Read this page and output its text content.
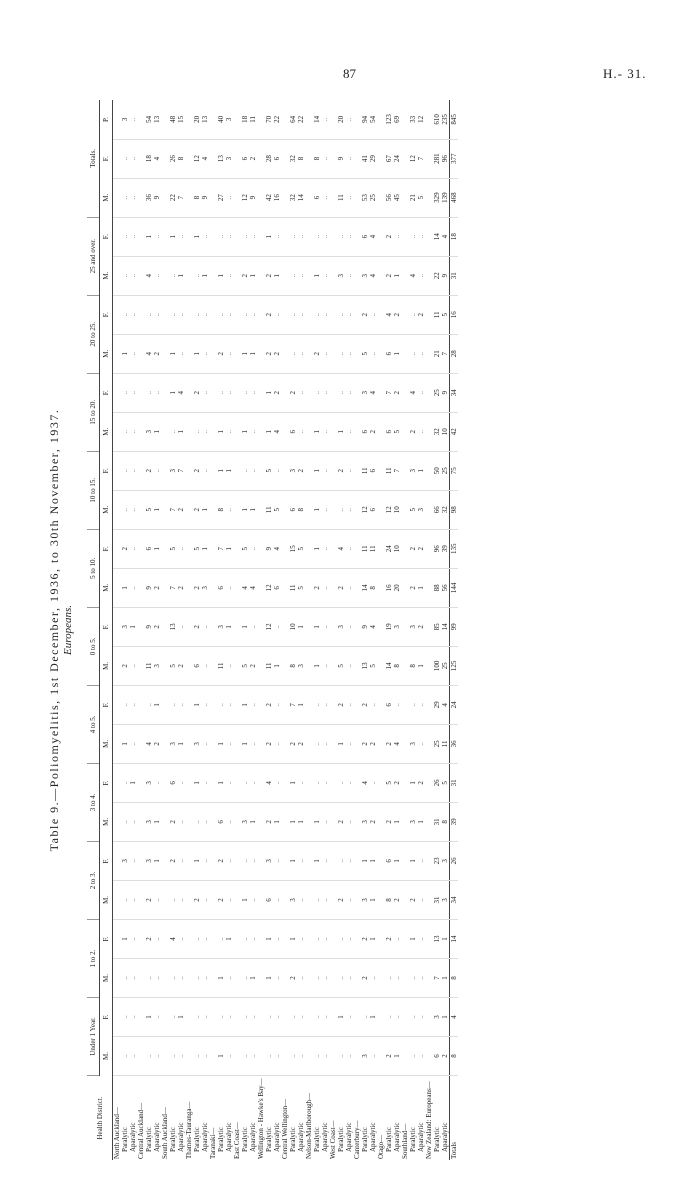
87	H.- 31.
Table 9.—Poliomyelitis, 1st December, 1936, to 30th November, 1937. Europeans.
Health District.	Under 1 Year.		1 to 2.		2 to 3.		3 to 4.		4 to 5.		0 to 5.		5 to 10.		10 to 15.		15 to 20.		20 to 25.		25 and over.		Totals.		
	M.	F.	M.	F.	M.	F.	M.	F.	M.	F.	M.	F.	M.	F.	M.	F.	M.	F.	M.	F.	M.	F.	M.	F.	P.
North Auckland—																									
Paralytic	..	..	..	1	..	3	..	..	1	..	2	3	1	2	..	..	..	..	1	..	..	..	..	..	3
Aparalytic	..	..	..	..	..	..	..	1	..	..	..	1	..	..	..	..	..	..	..	..	..	..	..	..	..
Central Auckland—																									
Paralytic	..	1	..	2	2	3	3	3	4	..	11	9	9	6	5	2	3	..	4	..	4	1	36	18	54
Aparalytic	..	..	..	..	..	1	1	..	2	1	3	2	2	1	1	..	1	..	2	..	..	..	9	4	13
South Auckland—																									
Paralytic	..	..	..	4	..	2	2	6	3	..	5	13	7	5	7	3	..	1	1	..	..	1	22	26	48
Aparalytic	..	1	..	..	..	..	..	..	1	..	2	..	2	..	2	7	1	4	..	..	1	..	7	8	15
Thames-Tauranga—																									
Paralytic	..	..	..	..	2	1	..	1	3	1	6	2	2	5	2	2	..	2	1	..	..	1	8	12	20
Aparalytic	..	..	..	..	..	..	..	..	..	..	..	..	3	1	1	..	..	..	..	..	1	..	9	4	13
Taranaki—																									
Paralytic	1	..	1	..	2	2	6	1	1	..	11	3	6	7	8	1	1	..	2	..	1	..	27	13	40
Aparalytic	..	..	..	1	..	..	..	..	..	..	..	1	..	1	..	1	..	..	..	..	..	..	..	3	3
East Coast—																									
Paralytic	..	..	..	..	1	..	3	..	1	1	5	1	4	5	1	..	1	..	1	..	2	..	12	6	18
Aparalytic	..	..	1	..	..	..	1	..	..	..	2	..	4	..	1	..	..	..	1	..	1	..	9	2	11
Wellington - Hawke's Bay—																									
Paralytic	..	..	1	1	6	3	2	4	2	2	11	12	12	9	11	5	1	1	2	2	2	1	42	28	70
Aparalytic	..	..	..	..	..	..	1	..	..	..	1	..	6	4	5	..	4	2	2	..	1	..	16	6	22
Central Wellington—																									
Paralytic	..	..	2	1	3	1	1	1	2	7	8	10	11	15	6	3	6	2	..	..	..	..	32	32	64
Aparalytic	..	..	..	..	..	..	1	..	2	1	3	1	5	5	8	2	..	..	..	..	..	..	14	8	22
Nelson-Marlborough—																									
Paralytic	..	..	..	..	..	1	1	..	..	..	1	1	2	1	1	1	1	..	2	..	1	..	6	8	14
Aparalytic	..	..	..	..	..	..	..	..	..	..	..	..	..	..	..	..	..	..	..	..	..	..	..	..	..
West Coast—																									
Paralytic	..	1	..	..	2	..	2	..	1	2	5	3	2	4	..	2	1	..	..	..	3	..	11	9	20
Aparalytic	..	..	..	..	..	..	..	..	..	..	..	..	..	..	..	..	..	..	..	..	..	..	..	..	..
Canterbury—																									
Paralytic	3	..	2	2	3	1	3	4	2	2	13	9	14	11	12	11	6	3	5	2	3	6	53	41	94
Aparalytic	..	1	..	1	1	1	2	..	2	..	5	4	8	11	6	6	2	4	..	..	4	4	25	29	54
Otago—																									
Paralytic	2	..	..	2	8	6	2	5	2	6	14	19	16	24	12	11	6	7	6	4	2	2	56	67	123
Aparalytic	1	..	..	..	2	1	1	2	4	..	8	3	20	10	10	7	5	2	1	2	1	..	45	24	69
Southland—																									
Paralytic	..	..	..	1	2	1	3	1	3	..	8	3	2	2	5	3	2	4	..	..	4	..	21	12	33
Aparalytic	..	..	..	..	..	..	1	2	..	..	1	2	1	2	3	1	..	..	..	2	..	..	5	7	12
New Zealand: Europeans—																									
Paralytic	6	3	7	13	31	23	31	26	25	29	100	85	88	96	66	50	32	25	21	11	22	14	329	281	610
Aparalytic	2	1	1	1	3	3	8	5	11	4	25	14	56	39	32	25	10	9	7	5	9	4	139	96	235
Totals	8	4	8	14	34	26	39	31	36	24	125	99	144	135	98	75	42	34	28	16	31	18	468	377	845
